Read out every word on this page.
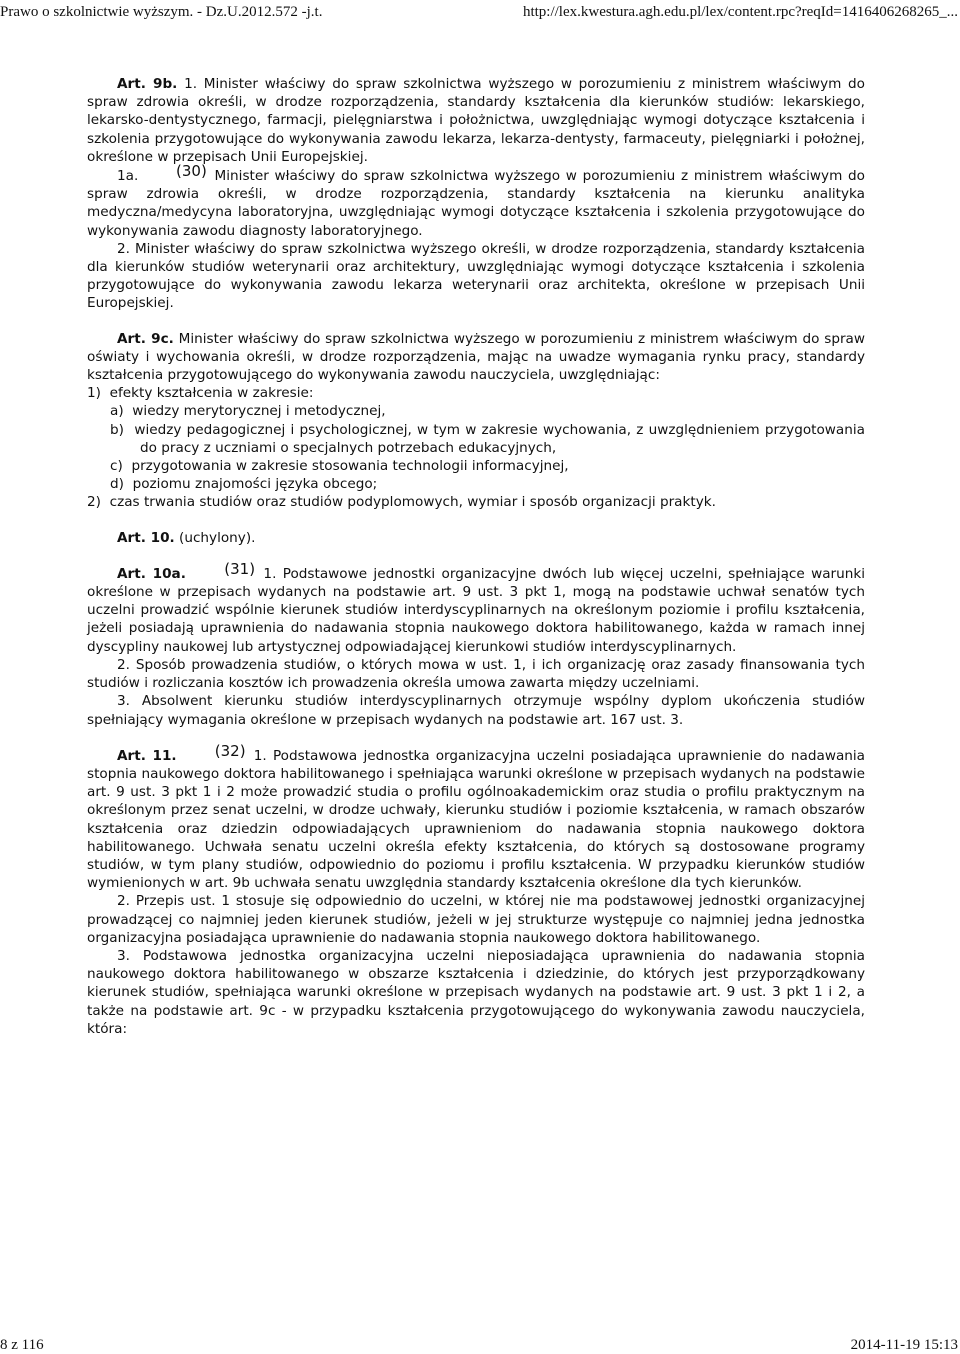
Prawo o szkolnictwie wyższym. - Dz.U.2012.572 -j.t.	http://lex.kwestura.agh.edu.pl/lex/content.rpc?reqId=1416406268265_...

Art. 9b. 1. Minister właściwy do spraw szkolnictwa wyższego w porozumieniu z ministrem właściwym do spraw zdrowia określi, w drodze rozporządzenia, standardy kształcenia dla kierunków studiów: lekarskiego, lekarsko-dentystycznego, farmacji, pielęgniarstwa i położnictwa, uwzględniając wymogi dotyczące kształcenia i szkolenia przygotowujące do wykonywania zawodu lekarza, lekarza-dentysty, farmaceuty, pielęgniarki i położnej, określone w przepisach Unii Europejskiej.

1a.	(30) Minister właściwy do spraw szkolnictwa wyższego w porozumieniu z ministrem właściwym do spraw zdrowia określi, w drodze rozporządzenia, standardy kształcenia na kierunku analityka medyczna/medycyna laboratoryjna, uwzględniając wymogi dotyczące kształcenia i szkolenia przygotowujące do wykonywania zawodu diagnosty laboratoryjnego.

2. Minister właściwy do spraw szkolnictwa wyższego określi, w drodze rozporządzenia, standardy kształcenia dla kierunków studiów weterynarii oraz architektury, uwzględniając wymogi dotyczące kształcenia i szkolenia przygotowujące do wykonywania zawodu lekarza weterynarii oraz architekta, określone w przepisach Unii Europejskiej.

Art. 9c. Minister właściwy do spraw szkolnictwa wyższego w porozumieniu z ministrem właściwym do spraw oświaty i wychowania określi, w drodze rozporządzenia, mając na uwadze wymagania rynku pracy, standardy kształcenia przygotowującego do wykonywania zawodu nauczyciela, uwzględniając:

1) efekty kształcenia w zakresie:

a) wiedzy merytorycznej i metodycznej,

b) wiedzy pedagogicznej i psychologicznej, w tym w zakresie wychowania, z uwzględnieniem przygotowania do pracy z uczniami o specjalnych potrzebach edukacyjnych,

c) przygotowania w zakresie stosowania technologii informacyjnej,

d) poziomu znajomości języka obcego;

2) czas trwania studiów oraz studiów podyplomowych, wymiar i sposób organizacji praktyk.

Art. 10. (uchylony).

Art. 10a.	(31) 1. Podstawowe jednostki organizacyjne dwóch lub więcej uczelni, spełniające warunki określone w przepisach wydanych na podstawie art. 9 ust. 3 pkt 1, mogą na podstawie uchwał senatów tych uczelni prowadzić wspólnie kierunek studiów interdyscyplinarnych na określonym poziomie i profilu kształcenia, jeżeli posiadają uprawnienia do nadawania stopnia naukowego doktora habilitowanego, każda w ramach innej dyscypliny naukowej lub artystycznej odpowiadającej kierunkowi studiów interdyscyplinarnych.

2. Sposób prowadzenia studiów, o których mowa w ust. 1, i ich organizację oraz zasady finansowania tych studiów i rozliczania kosztów ich prowadzenia określa umowa zawarta między uczelniami.

3. Absolwent kierunku studiów interdyscyplinarnych otrzymuje wspólny dyplom ukończenia studiów spełniający wymagania określone w przepisach wydanych na podstawie art. 167 ust. 3.

Art. 11.	(32) 1. Podstawowa jednostka organizacyjna uczelni posiadająca uprawnienie do nadawania stopnia naukowego doktora habilitowanego i spełniająca warunki określone w przepisach wydanych na podstawie art. 9 ust. 3 pkt 1 i 2 może prowadzić studia o profilu ogólnoakademickim oraz studia o profilu praktycznym na określonym przez senat uczelni, w drodze uchwały, kierunku studiów i poziomie kształcenia, w ramach obszarów kształcenia oraz dziedzin odpowiadających uprawnieniom do nadawania stopnia naukowego doktora habilitowanego. Uchwała senatu uczelni określa efekty kształcenia, do których są dostosowane programy studiów, w tym plany studiów, odpowiednio do poziomu i profilu kształcenia. W przypadku kierunków studiów wymienionych w art. 9b uchwała senatu uwzględnia standardy kształcenia określone dla tych kierunków.

2. Przepis ust. 1 stosuje się odpowiednio do uczelni, w której nie ma podstawowej jednostki organizacyjnej prowadzącej co najmniej jeden kierunek studiów, jeżeli w jej strukturze występuje co najmniej jedna jednostka organizacyjna posiadająca uprawnienie do nadawania stopnia naukowego doktora habilitowanego.

3. Podstawowa jednostka organizacyjna uczelni nieposiadająca uprawnienia do nadawania stopnia naukowego doktora habilitowanego w obszarze kształcenia i dziedzinie, do których jest przyporządkowany kierunek studiów, spełniająca warunki określone w przepisach wydanych na podstawie art. 9 ust. 3 pkt 1 i 2, a także na podstawie art. 9c - w przypadku kształcenia przygotowującego do wykonywania zawodu nauczyciela, która:

8 z 116	2014-11-19 15:13
